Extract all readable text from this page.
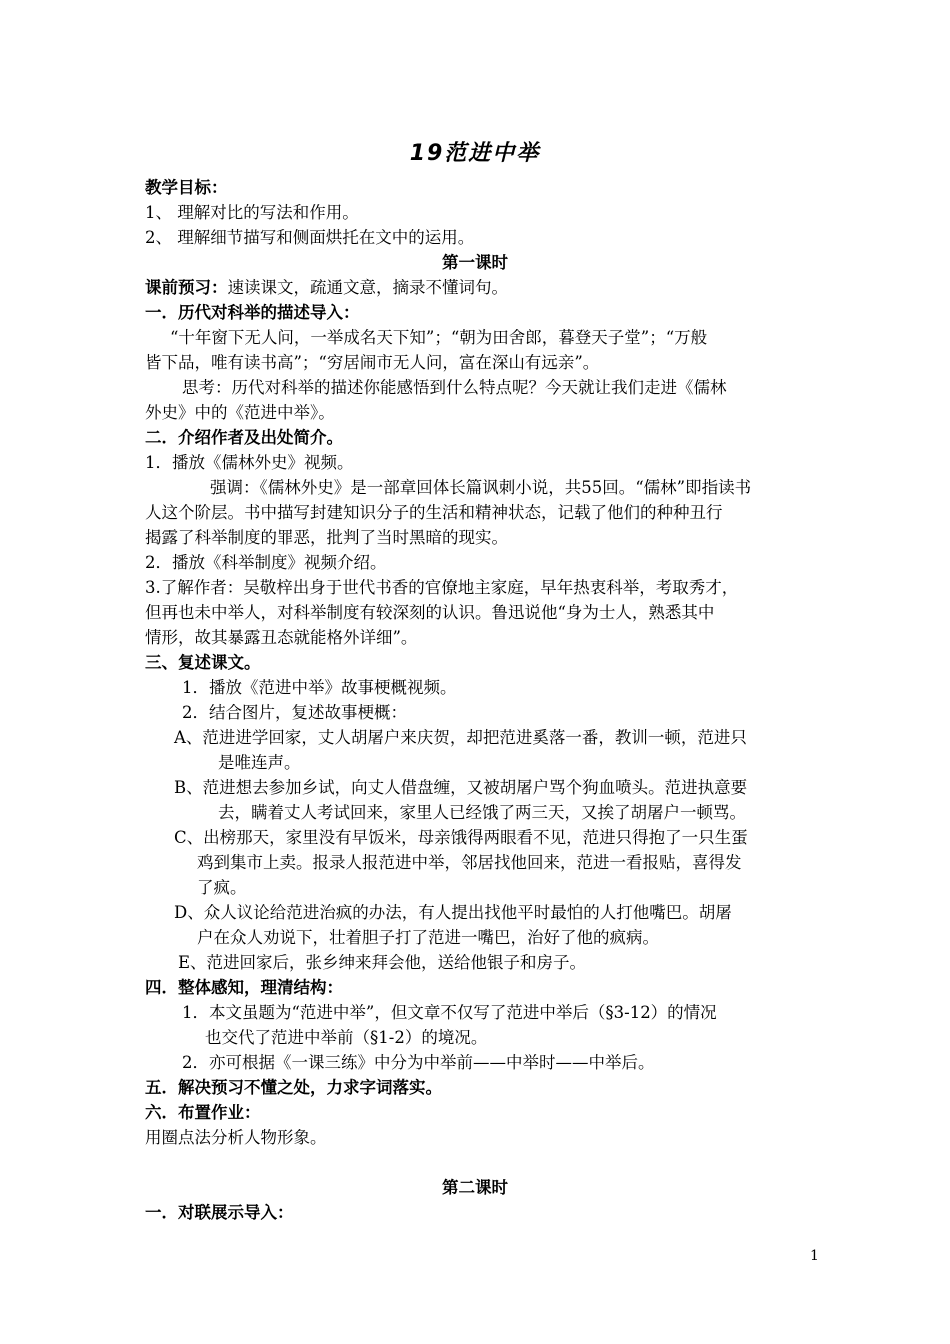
19范进中举
教学目标：
1、 理解对比的写法和作用。
2、 理解细节描写和侧面烘托在文中的运用。
第一课时
课前预习：速读课文，疏通文意，摘录不懂词句。
一．历代对科举的描述导入：
“十年窗下无人问，一举成名天下知”；“朝为田舍郎，暮登天子堂”；“万般
皆下品，唯有读书高”；“穷居闹市无人问，富在深山有远亲”。
思考：历代对科举的描述你能感悟到什么特点呢？今天就让我们走进《儒林
外史》中的《范进中举》。
二．介绍作者及出处简介。
1．播放《儒林外史》视频。
强调：《儒林外史》是一部章回体长篇讽刺小说，共55回。“儒林”即指读书
人这个阶层。书中描写封建知识分子的生活和精神状态，记载了他们的种种丑行
揭露了科举制度的罪恶，批判了当时黑暗的现实。
2．播放《科举制度》视频介绍。
3.了解作者：吴敬梓出身于世代书香的官僚地主家庭，早年热衷科举，考取秀才，
但再也未中举人，对科举制度有较深刻的认识。鲁迅说他“身为士人，熟悉其中
情形，故其暴露丑态就能格外详细”。
三、复述课文。
1．播放《范进中举》故事梗概视频。
2．结合图片，复述故事梗概：
A、范进进学回家，丈人胡屠户来庆贺，却把范进奚落一番，教训一顿，范进只
是唯连声。
B、范进想去参加乡试，向丈人借盘缠，又被胡屠户骂个狗血喷头。范进执意要
去，瞒着丈人考试回来，家里人已经饿了两三天，又挨了胡屠户一顿骂。
C、出榜那天，家里没有早饭米，母亲饿得两眼看不见，范进只得抱了一只生蛋
鸡到集市上卖。报录人报范进中举，邻居找他回来，范进一看报贴，喜得发
了疯。
D、众人议论给范进治疯的办法，有人提出找他平时最怕的人打他嘴巴。胡屠
户在众人劝说下，壮着胆子打了范进一嘴巴，治好了他的疯病。
E、范进回家后，张乡绅来拜会他，送给他银子和房子。
四．整体感知，理清结构：
1．本文虽题为“范进中举”，但文章不仅写了范进中举后（§3-12）的情况
也交代了范进中举前（§1-2）的境况。
2．亦可根据《一课三练》中分为中举前——中举时——中举后。
五．解决预习不懂之处，力求字词落实。
六．布置作业：
用圈点法分析人物形象。
第二课时
一．对联展示导入：
1
